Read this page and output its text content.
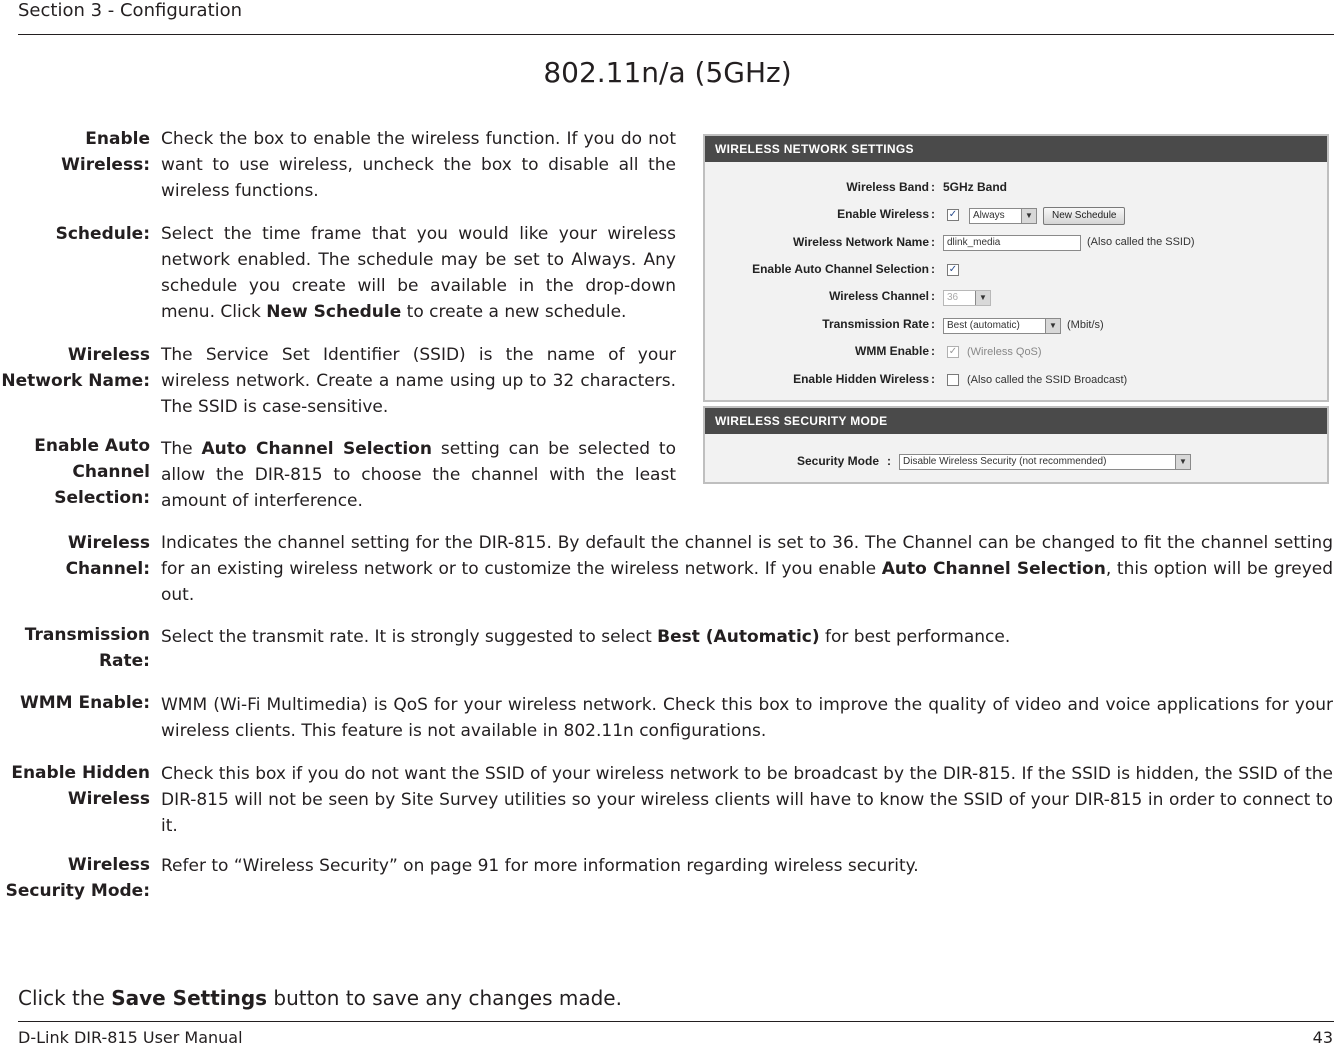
Section 3 - Configuration
802.11n/a (5GHz)
Enable Wireless:
Check the box to enable the wireless function. If you do not want to use wireless, uncheck the box to disable all the wireless functions.
Schedule: Select the time frame that you would like your wireless network enabled. The schedule may be set to Always. Any schedule you create will be available in the drop-down menu. Click New Schedule to create a new schedule.
Wireless
Network Name:
The Service Set Identifier (SSID) is the name of your wireless network. Create a name using up to 32 characters. The SSID is case-sensitive.
Enable Auto
Channel
Selection:
The Auto Channel Selection setting can be selected to allow the DIR-815 to choose the channel with the least amount of interference.
Wireless
Channel:
Indicates the channel setting for the DIR-815. By default the channel is set to 36. The Channel can be changed to fit the channel setting for an existing wireless network or to customize the wireless network. If you enable Auto Channel Selection, this option will be greyed out.
Transmission
Rate:
Select the transmit rate. It is strongly suggested to select Best (Automatic) for best performance.
WMM Enable: WMM (Wi-Fi Multimedia) is QoS for your wireless network. Check this box to improve the quality of video and voice applications for your wireless clients. This feature is not available in 802.11n configurations.
Enable Hidden
Wireless
Check this box if you do not want the SSID of your wireless network to be broadcast by the DIR-815. If the SSID is hidden, the SSID of the DIR-815 will not be seen by Site Survey utilities so your wireless clients will have to know the SSID of your DIR-815 in order to connect to it.
Wireless
Security Mode:
Refer to “Wireless Security” on page 91 for more information regarding wireless security.
WIRELESS NETWORK SETTINGS
Wireless Band : 5GHz Band
Enable Wireless : ✓	Always	▼	New Schedule
Wireless Network Name :	dlink_media	(Also called the SSID)
Enable Auto Channel Selection : ✓
Wireless Channel :	36	▼
Transmission Rate :	Best (automatic)	▼ (Mbit/s)
WMM Enable : ✓ (Wireless QoS)
Enable Hidden Wireless :	(Also called the SSID Broadcast)
WIRELESS SECURITY MODE
Security Mode :	Disable Wireless Security (not recommended)	▼
Click the Save Settings button to save any changes made.
D-Link DIR-815 User Manual	43
